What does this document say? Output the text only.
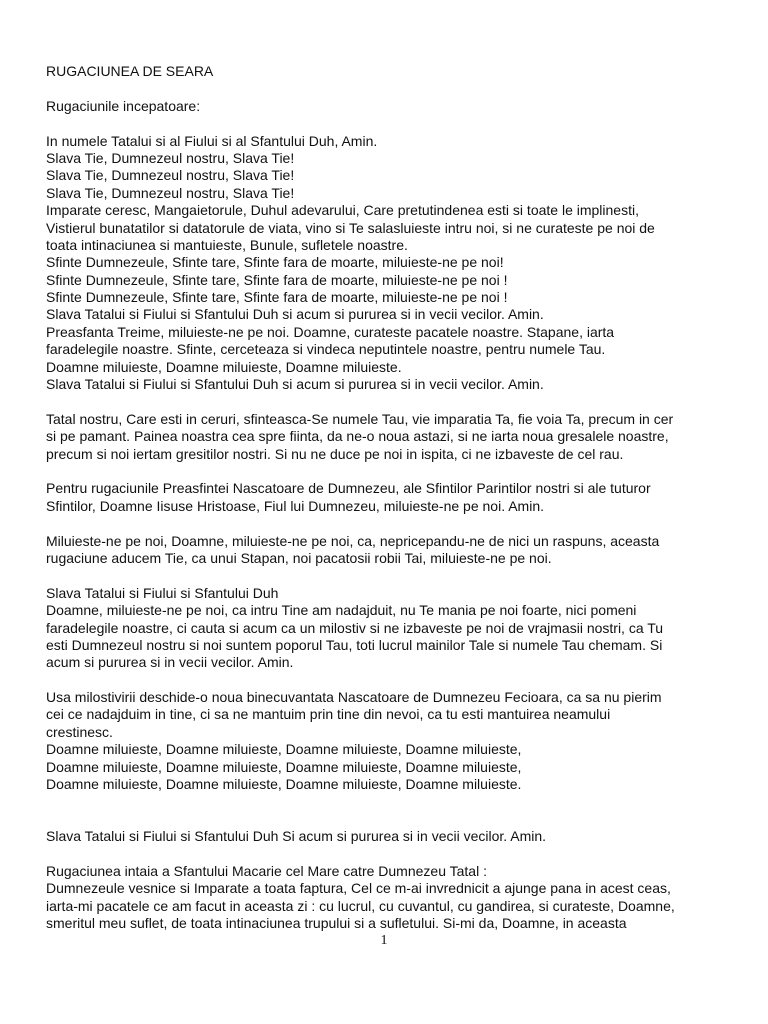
RUGACIUNEA DE SEARA
Rugaciunile incepatoare:
In numele Tatalui si al Fiului si al Sfantului Duh, Amin.
Slava Tie, Dumnezeul nostru, Slava Tie!
Slava Tie, Dumnezeul nostru, Slava Tie!
Slava Tie, Dumnezeul nostru, Slava Tie!
Imparate ceresc, Mangaietorule, Duhul adevarului, Care pretutindenea esti si toate le implinesti,
Vistierul bunatatilor si datatorule de viata, vino si Te salasluieste intru noi, si ne curateste pe noi de
toata intinaciunea si mantuieste, Bunule, sufletele noastre.
Sfinte Dumnezeule, Sfinte tare, Sfinte fara de moarte, miluieste-ne pe noi!
Sfinte Dumnezeule, Sfinte tare, Sfinte fara de moarte, miluieste-ne pe noi !
Sfinte Dumnezeule, Sfinte tare, Sfinte fara de moarte, miluieste-ne pe noi !
Slava Tatalui si Fiului si Sfantului Duh si acum si pururea si in vecii vecilor. Amin.
Preasfanta Treime, miluieste-ne pe noi. Doamne, curateste pacatele noastre. Stapane, iarta
faradelegile noastre. Sfinte, cerceteaza si vindeca neputintele noastre, pentru numele Tau.
Doamne miluieste, Doamne miluieste, Doamne miluieste.
Slava Tatalui si Fiului si Sfantului Duh si acum si pururea si in vecii vecilor. Amin.
Tatal nostru, Care esti in ceruri, sfinteasca-Se numele Tau, vie imparatia Ta, fie voia Ta, precum in cer
si pe pamant. Painea noastra cea spre fiinta, da ne-o noua astazi, si ne iarta noua gresalele noastre,
precum si noi iertam gresitilor nostri. Si nu ne duce pe noi in ispita, ci ne izbaveste de cel rau.
Pentru rugaciunile Preasfintei Nascatoare de Dumnezeu, ale Sfintilor Parintilor nostri si ale tuturor
Sfintilor, Doamne Iisuse Hristoase, Fiul lui Dumnezeu, miluieste-ne pe noi. Amin.
Miluieste-ne pe noi, Doamne, miluieste-ne pe noi, ca, nepricepandu-ne de nici un raspuns, aceasta
rugaciune aducem Tie, ca unui Stapan, noi pacatosii robii Tai, miluieste-ne pe noi.
Slava Tatalui si Fiului si Sfantului Duh
Doamne, miluieste-ne pe noi, ca intru Tine am nadajduit, nu Te mania pe noi foarte, nici pomeni
faradelegile noastre, ci cauta si acum ca un milostiv si ne izbaveste pe noi de vrajmasii nostri, ca Tu
esti Dumnezeul nostru si noi suntem poporul Tau, toti lucrul mainilor Tale si numele Tau chemam. Si
acum si pururea si in vecii vecilor. Amin.
Usa milostivirii deschide-o noua binecuvantata Nascatoare de Dumnezeu Fecioara, ca sa nu pierim
cei ce nadajduim in tine, ci sa ne mantuim prin tine din nevoi, ca tu esti mantuirea neamului
crestinesc.
Doamne miluieste, Doamne miluieste, Doamne miluieste, Doamne miluieste,
Doamne miluieste, Doamne miluieste, Doamne miluieste, Doamne miluieste,
Doamne miluieste, Doamne miluieste, Doamne miluieste, Doamne miluieste.
Slava Tatalui si Fiului si Sfantului Duh Si acum si pururea si in vecii vecilor. Amin.
Rugaciunea intaia a Sfantului Macarie cel Mare catre Dumnezeu Tatal :
Dumnezeule vesnice si Imparate a toata faptura, Cel ce m-ai invrednicit a ajunge pana in acest ceas,
iarta-mi pacatele ce am facut in aceasta zi : cu lucrul, cu cuvantul, cu gandirea, si curateste, Doamne,
smeritul meu suflet, de toata intinaciunea trupului si a sufletului. Si-mi da, Doamne, in aceasta
1
